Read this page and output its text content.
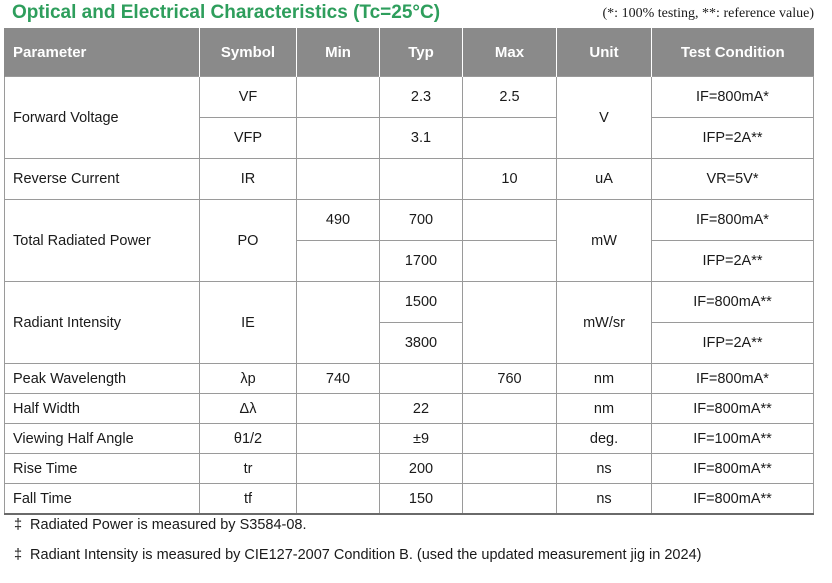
Optical and Electrical Characteristics (Tc=25°C)	(*: 100% testing, **: reference value)
Parameter	Symbol	Min	Typ	Max	Unit	Test Condition
Forward Voltage	VF		2.3	2.5	V	IF=800mA*
	VFP		3.1			IFP=2A**
Reverse Current	IR			10	uA	VR=5V*
Total Radiated Power	PO	490	700		mW	IF=800mA*
			1700			IFP=2A**
Radiant Intensity	IE		1500		mW/sr	IF=800mA**
			3800			IFP=2A**
Peak Wavelength	λp	740		760	nm	IF=800mA*
Half Width	Δλ		22		nm	IF=800mA**
Viewing Half Angle	θ1/2		±9		deg.	IF=100mA**
Rise Time	tr		200		ns	IF=800mA**
Fall Time	tf		150		ns	IF=800mA**
‡ Radiated Power is measured by S3584-08.
‡ Radiant Intensity is measured by CIE127-2007 Condition B. (used the updated measurement jig in 2024)
